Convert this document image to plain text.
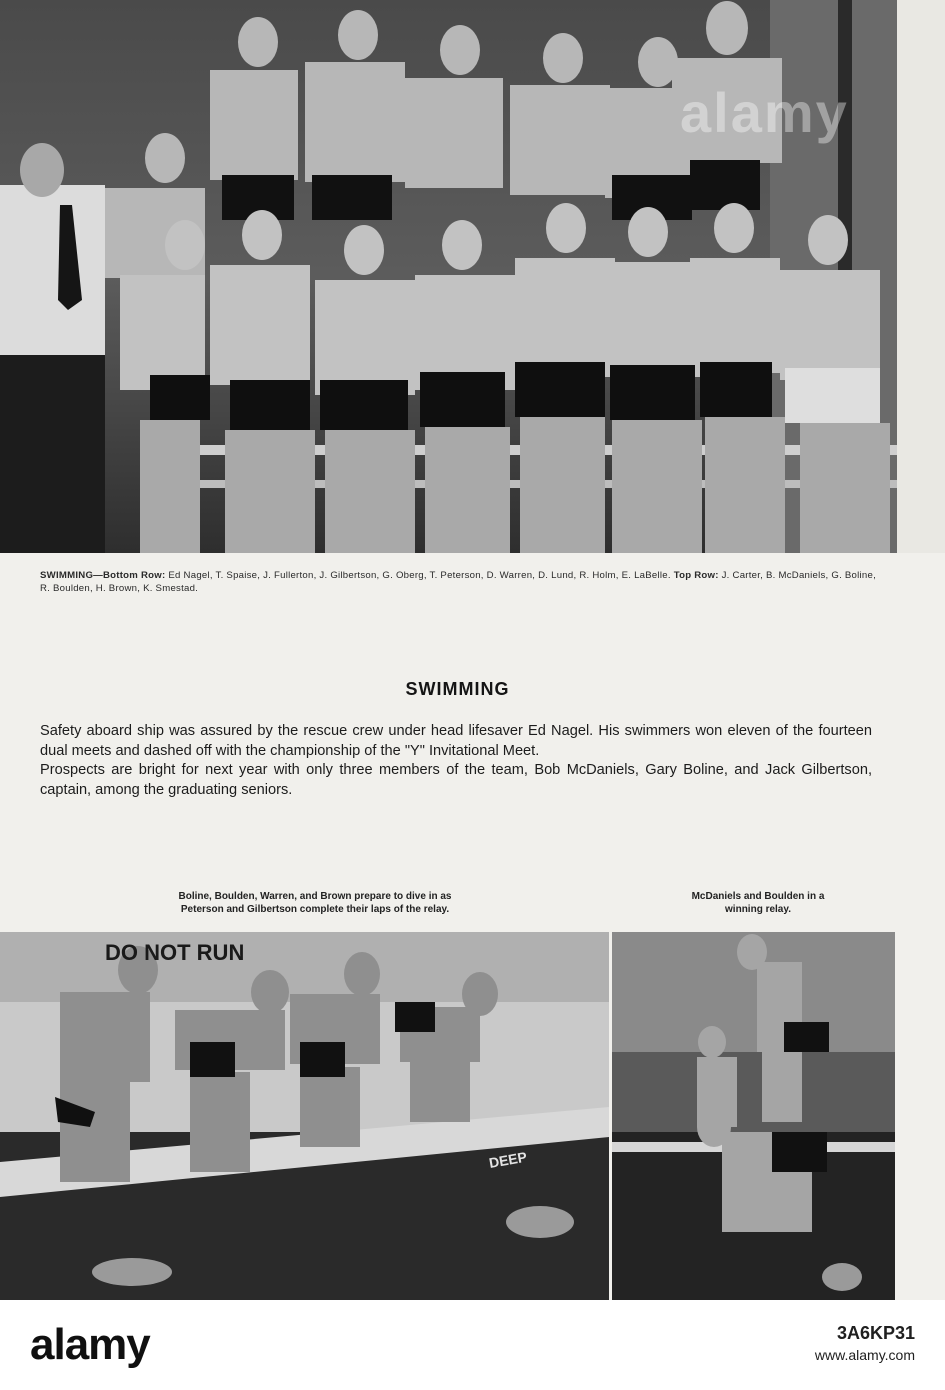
alamy
SWIMMING—Bottom Row: Ed Nagel, T. Spaise, J. Fullerton, J. Gilbertson, G. Oberg, T. Peterson, D. Warren, D. Lund, R. Holm, E. LaBelle. Top Row: J. Carter, B. McDaniels, G. Boline, R. Boulden, H. Brown, K. Smestad.
SWIMMING

Safety aboard ship was assured by the rescue crew under head lifesaver Ed Nagel. His swimmers won eleven of the fourteen dual meets and dashed off with the championship of the "Y" Invitational Meet.

Prospects are bright for next year with only three members of the team, Bob McDaniels, Gary Boline, and Jack Gilbertson, captain, among the graduating seniors.

Boline, Boulden, Warren, and Brown prepare to dive in as
Peterson and Gilbertson complete their laps of the relay.
McDaniels and Boulden in a
winning relay.
DO NOT RUN
DEEP
alamy	3A6KP31
www.alamy.com
